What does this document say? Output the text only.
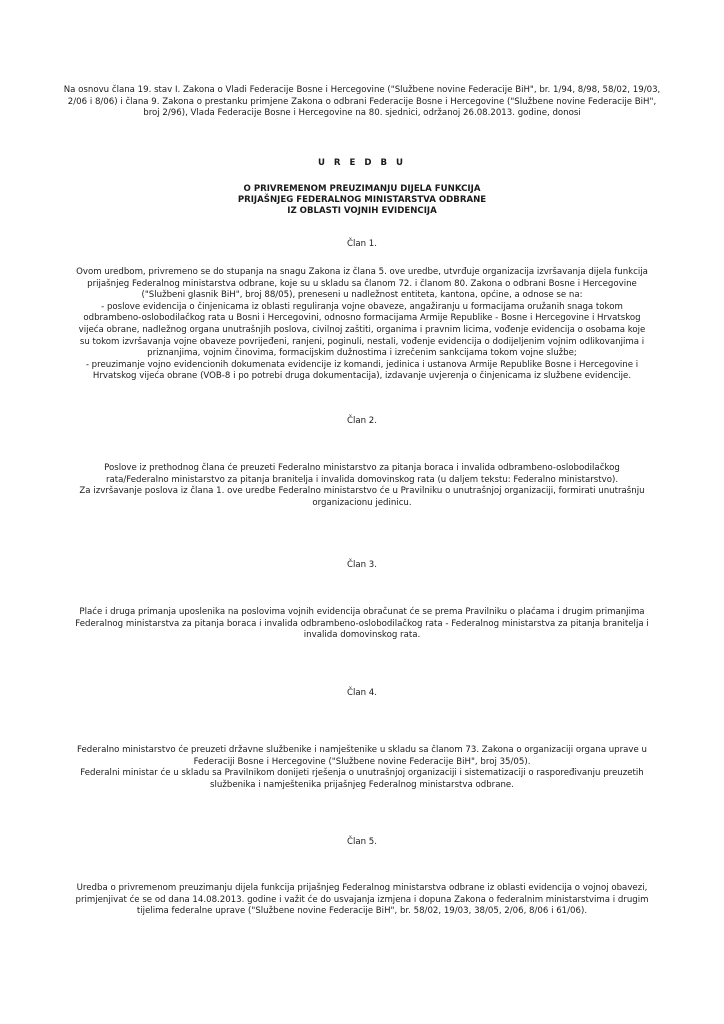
Na osnovu člana 19. stav I. Zakona o Vladi Federacije Bosne i Hercegovine ("Službene novine Federacije BiH", br. 1/94, 8/98, 58/02, 19/03, 2/06 i 8/06) i člana 9. Zakona o prestanku primjene Zakona o odbrani Federacije Bosne i Hercegovine ("Službene novine Federacije BiH", broj 2/96), Vlada Federacije Bosne i Hercegovine na 80. sjednici, održanoj 26.08.2013. godine, donosi

U R E D B U

O PRIVREMENOM PREUZIMANJU DIJELA FUNKCIJA

PRIJAŠNJEG FEDERALNOG MINISTARSTVA ODBRANE

IZ OBLASTI VOJNIH EVIDENCIJA

Član 1.

Ovom uredbom, privremeno se do stupanja na snagu Zakona iz člana 5. ove uredbe, utvrđuje organizacija izvršavanja dijela funkcija prijašnjeg Federalnog ministarstva odbrane, koje su u skladu sa članom 72. i članom 80. Zakona o odbrani Bosne i Hercegovine ("Službeni glasnik BiH", broj 88/05), preneseni u nadležnost entiteta, kantona, općine, a odnose se na:

- poslove evidencija o činjenicama iz oblasti reguliranja vojne obaveze, angažiranju u formacijama oružanih snaga tokom odbrambeno-oslobodilačkog rata u Bosni i Hercegovini, odnosno formacijama Armije Republike - Bosne i Hercegovine i Hrvatskog vijeća obrane, nadležnog organa unutrašnjih poslova, civilnoj zaštiti, organima i pravnim licima, vođenje evidencija o osobama koje su tokom izvršavanja vojne obaveze povrijeđeni, ranjeni, poginuli, nestali, vođenje evidencija o dodijeljenim vojnim odlikovanjima i priznanjima, vojnim činovima, formacijskim dužnostima i izrečenim sankcijama tokom vojne službe;

- preuzimanje vojno evidencionih dokumenata evidencije iz komandi, jedinica i ustanova Armije Republike Bosne i Hercegovine i Hrvatskog vijeća obrane (VOB-8 i po potrebi druga dokumentacija), izdavanje uvjerenja o činjenicama iz službene evidencije.

Član 2.

Poslove iz prethodnog člana će preuzeti Federalno ministarstvo za pitanja boraca i invalida odbrambeno-oslobodilačkog rata/Federalno ministarstvo za pitanja branitelja i invalida domovinskog rata (u daljem tekstu: Federalno ministarstvo).

Za izvršavanje poslova iz člana 1. ove uredbe Federalno ministarstvo će u Pravilniku o unutrašnjoj organizaciji, formirati unutrašnju organizacionu jedinicu.

Član 3.

Plaće i druga primanja uposlenika na poslovima vojnih evidencija obračunat će se prema Pravilniku o plaćama i drugim primanjima Federalnog ministarstva za pitanja boraca i invalida odbrambeno-oslobodilačkog rata - Federalnog ministarstva za pitanja branitelja i invalida domovinskog rata.

Član 4.

Federalno ministarstvo će preuzeti državne službenike i namještenike u skladu sa članom 73. Zakona o organizaciji organa uprave u Federaciji Bosne i Hercegovine ("Službene novine Federacije BiH", broj 35/05).

Federalni ministar će u skladu sa Pravilnikom donijeti rješenja o unutrašnjoj organizaciji i sistematizaciji o raspoređivanju preuzetih službenika i namještenika prijašnjeg Federalnog ministarstva odbrane.

Član 5.

Uredba o privremenom preuzimanju dijela funkcija prijašnjeg Federalnog ministarstva odbrane iz oblasti evidencija o vojnoj obavezi, primjenjivat će se od dana 14.08.2013. godine i važit će do usvajanja izmjena i dopuna Zakona o federalnim ministarstvima i drugim tijelima federalne uprave ("Službene novine Federacije BiH", br. 58/02, 19/03, 38/05, 2/06, 8/06 i 61/06).
